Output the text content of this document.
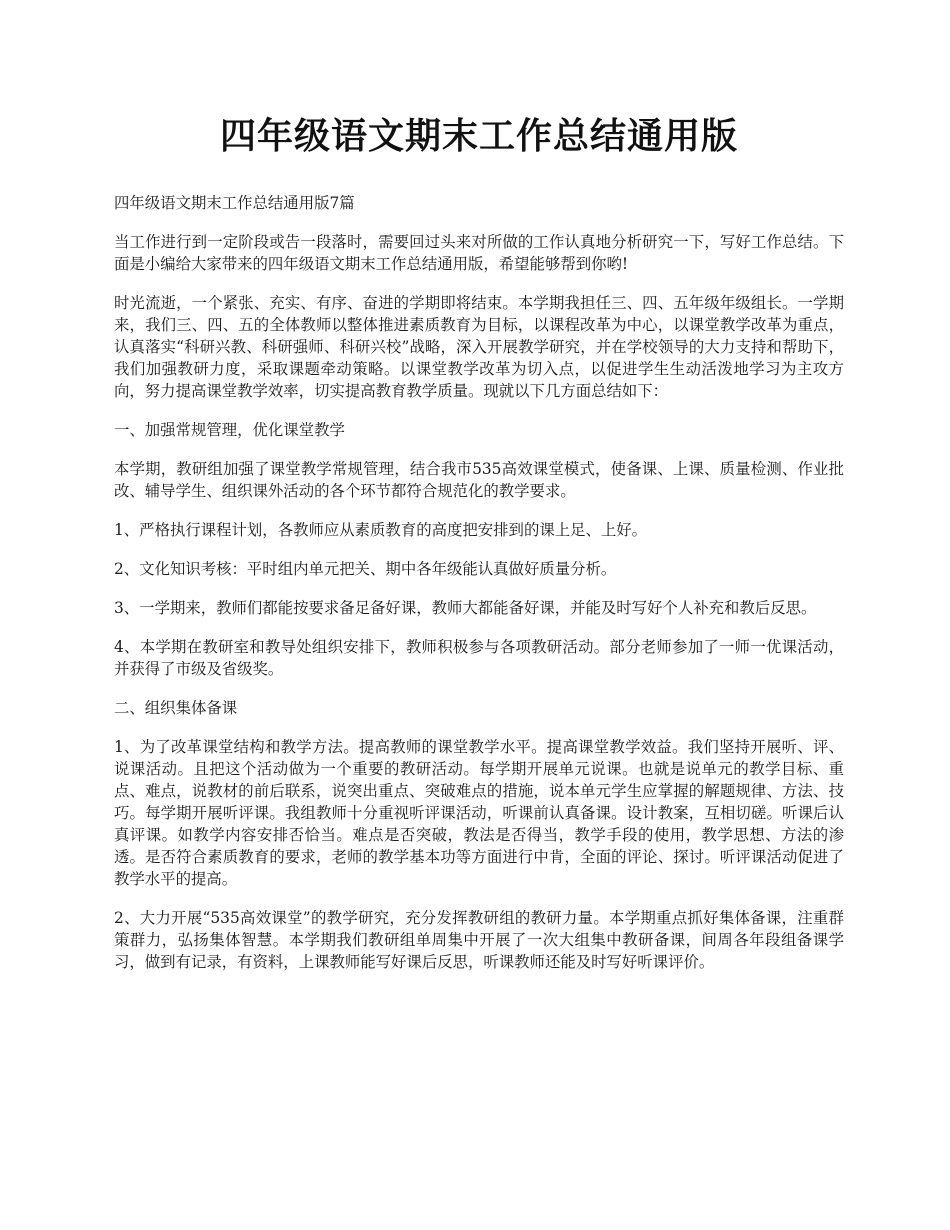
四年级语文期末工作总结通用版

四年级语文期末工作总结通用版7篇

当工作进行到一定阶段或告一段落时，需要回过头来对所做的工作认真地分析研究一下，写好工作总结。下面是小编给大家带来的四年级语文期末工作总结通用版，希望能够帮到你哟!

时光流逝，一个紧张、充实、有序、奋进的学期即将结束。本学期我担任三、四、五年级年级组长。一学期来，我们三、四、五的全体教师以整体推进素质教育为目标，以课程改革为中心，以课堂教学改革为重点，认真落实“科研兴教、科研强师、科研兴校”战略，深入开展教学研究，并在学校领导的大力支持和帮助下，我们加强教研力度，采取课题牵动策略。以课堂教学改革为切入点，以促进学生生动活泼地学习为主攻方向，努力提高课堂教学效率，切实提高教育教学质量。现就以下几方面总结如下：

一、加强常规管理，优化课堂教学

本学期，教研组加强了课堂教学常规管理，结合我市535高效课堂模式，使备课、上课、质量检测、作业批改、辅导学生、组织课外活动的各个环节都符合规范化的教学要求。

1、严格执行课程计划，各教师应从素质教育的高度把安排到的课上足、上好。

2、文化知识考核：平时组内单元把关、期中各年级能认真做好质量分析。

3、一学期来，教师们都能按要求备足备好课，教师大都能备好课，并能及时写好个人补充和教后反思。

4、本学期在教研室和教导处组织安排下，教师积极参与各项教研活动。部分老师参加了一师一优课活动，并获得了市级及省级奖。

二、组织集体备课

1、为了改革课堂结构和教学方法。提高教师的课堂教学水平。提高课堂教学效益。我们坚持开展听、评、说课活动。且把这个活动做为一个重要的教研活动。每学期开展单元说课。也就是说单元的教学目标、重点、难点，说教材的前后联系，说突出重点、突破难点的措施，说本单元学生应掌握的解题规律、方法、技巧。每学期开展听评课。我组教师十分重视听评课活动，听课前认真备课。设计教案，互相切磋。听课后认真评课。如教学内容安排否恰当。难点是否突破，教法是否得当，教学手段的使用，教学思想、方法的渗透。是否符合素质教育的要求，老师的教学基本功等方面进行中肯，全面的评论、探讨。听评课活动促进了教学水平的提高。

2、大力开展“535高效课堂”的教学研究，充分发挥教研组的教研力量。本学期重点抓好集体备课，注重群策群力，弘扬集体智慧。本学期我们教研组单周集中开展了一次大组集中教研备课，间周各年段组备课学习，做到有记录，有资料，上课教师能写好课后反思，听课教师还能及时写好听课评价。
